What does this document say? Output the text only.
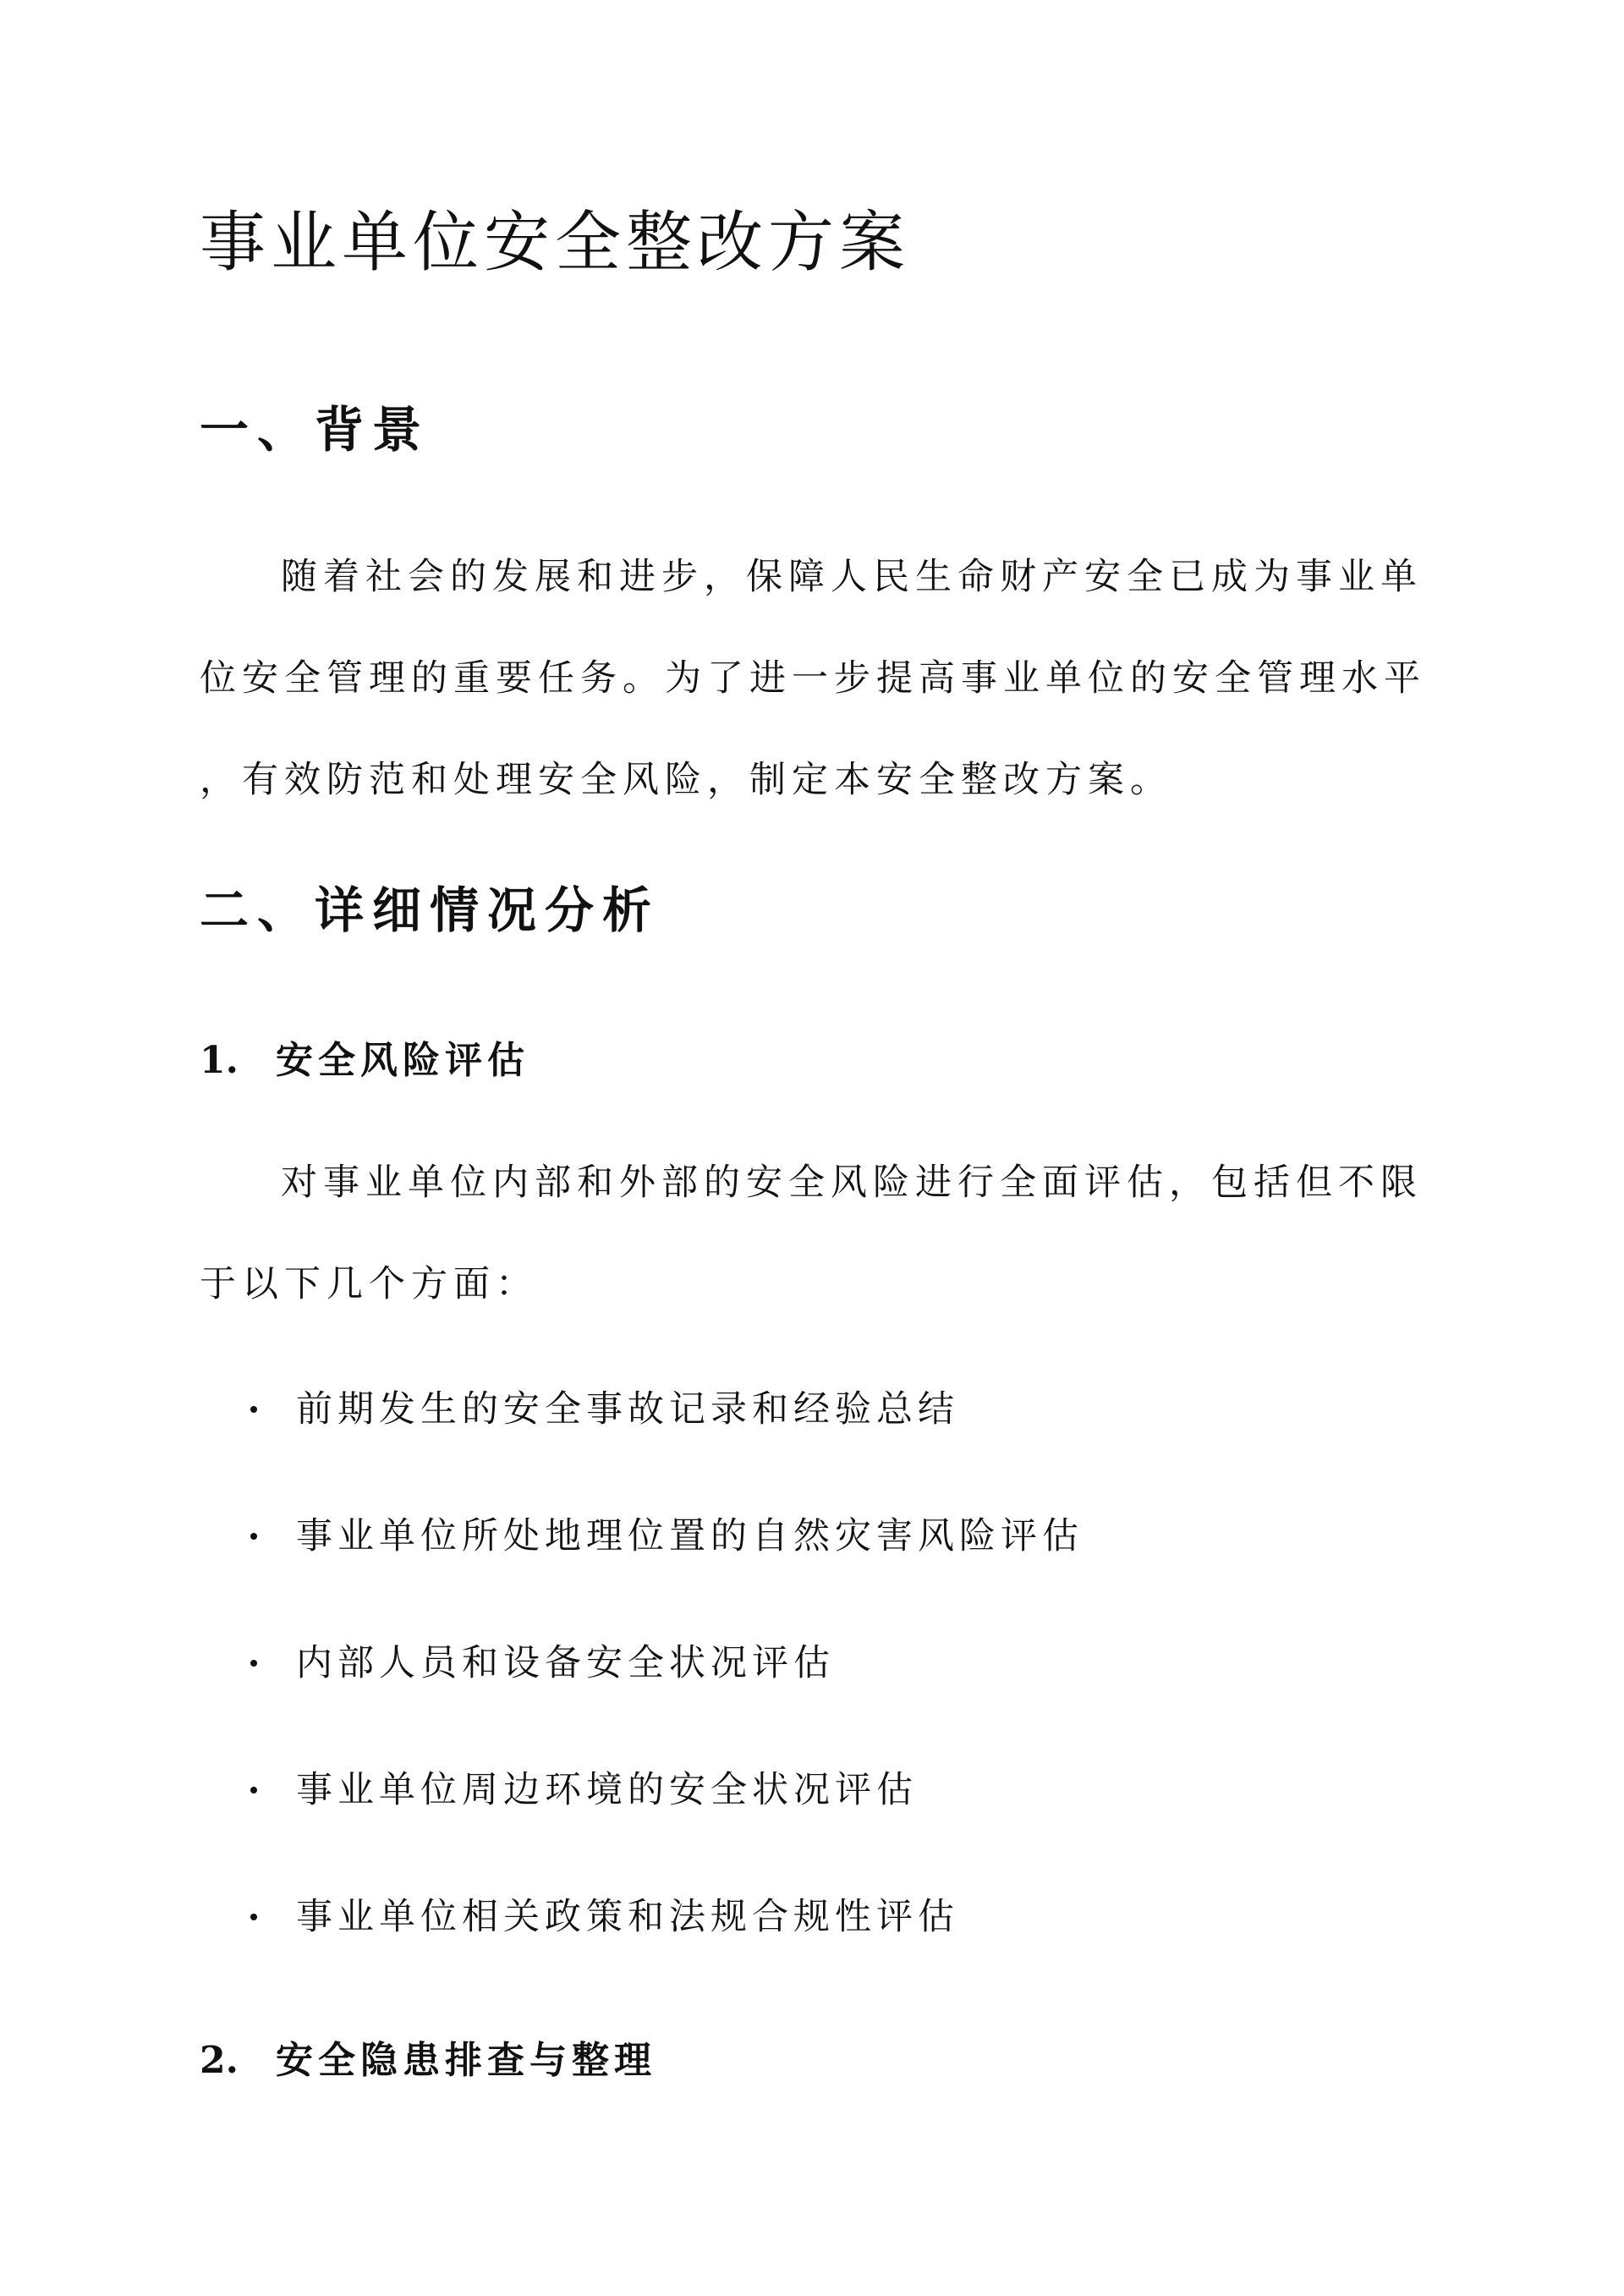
事业单位安全整改方案
一、背景
随着社会的发展和进步，保障人民生命财产安全已成为事业单
位安全管理的重要任务。为了进一步提高事业单位的安全管理水平
，有效防范和处理安全风险，制定本安全整改方案。
二、详细情况分析
1. 安全风险评估
对事业单位内部和外部的安全风险进行全面评估，包括但不限
于以下几个方面：
前期发生的安全事故记录和经验总结
事业单位所处地理位置的自然灾害风险评估
内部人员和设备安全状况评估
事业单位周边环境的安全状况评估
事业单位相关政策和法规合规性评估
2. 安全隐患排查与整理
